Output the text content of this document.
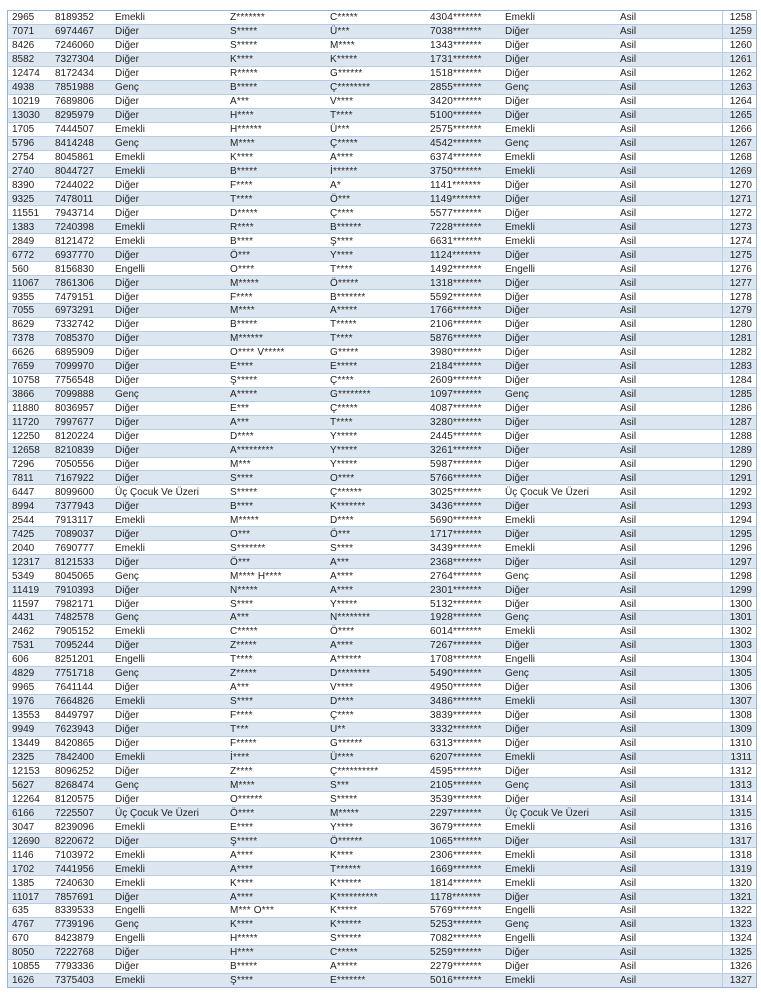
2965	8189352	Emekli	Z*******	C*****	4304*******	Emekli	Asil	1258
7071	6974467	Diğer	S*****	Ü***	7038*******	Diğer	Asil	1259
8426	7246060	Diğer	S*****	M****	1343*******	Diğer	Asil	1260
8582	7327304	Diğer	K****	K*****	1731*******	Diğer	Asil	1261
12474	8172434	Diğer	R*****	G******	1518*******	Diğer	Asil	1262
4938	7851988	Genç	B*****	Ç********	2855*******	Genç	Asil	1263
10219	7689806	Diğer	A***	V****	3420*******	Diğer	Asil	1264
13030	8295979	Diğer	H****	T****	5100*******	Diğer	Asil	1265
1705	7444507	Emekli	H******	Ü***	2575*******	Emekli	Asil	1266
5796	8414248	Genç	M****	Ç*****	4542*******	Genç	Asil	1267
2754	8045861	Emekli	K****	A****	6374*******	Emekli	Asil	1268
2740	8044727	Emekli	B*****	İ******	3750*******	Emekli	Asil	1269
8390	7244022	Diğer	F****	A*	1141*******	Diğer	Asil	1270
9325	7478011	Diğer	T****	Ö***	1149*******	Diğer	Asil	1271
11551	7943714	Diğer	D*****	Ç****	5577*******	Diğer	Asil	1272
1383	7240398	Emekli	R****	B******	7228*******	Emekli	Asil	1273
2849	8121472	Emekli	B****	Ş****	6631*******	Emekli	Asil	1274
6772	6937770	Diğer	Ö***	Y****	1124*******	Diğer	Asil	1275
560	8156830	Engelli	O****	T****	1492*******	Engelli	Asil	1276
11067	7861306	Diğer	M*****	Ö*****	1318*******	Diğer	Asil	1277
9355	7479151	Diğer	F****	B*******	5592*******	Diğer	Asil	1278
7055	6973291	Diğer	M****	A*****	1766*******	Diğer	Asil	1279
8629	7332742	Diğer	B*****	T*****	2106*******	Diğer	Asil	1280
7378	7085370	Diğer	M******	T****	5876*******	Diğer	Asil	1281
6626	6895909	Diğer	O**** V*****	G*****	3980*******	Diğer	Asil	1282
7659	7099970	Diğer	E****	E*****	2184*******	Diğer	Asil	1283
10758	7756548	Diğer	Ş*****	Ç****	2609*******	Diğer	Asil	1284
3866	7099888	Genç	A*****	G********	1097*******	Genç	Asil	1285
11880	8036957	Diğer	E***	Ç*****	4087*******	Diğer	Asil	1286
11720	7997677	Diğer	A***	T****	3280*******	Diğer	Asil	1287
12250	8120224	Diğer	D****	Y*****	2445*******	Diğer	Asil	1288
12658	8210839	Diğer	A*********	Y*****	3261*******	Diğer	Asil	1289
7296	7050556	Diğer	M***	Y*****	5987*******	Diğer	Asil	1290
7811	7167922	Diğer	S****	O****	5766*******	Diğer	Asil	1291
6447	8099600	Üç Çocuk Ve Üzeri	S*****	Ç******	3025*******	Üç Çocuk Ve Üzeri	Asil	1292
8994	7377943	Diğer	B****	K*******	3436*******	Diğer	Asil	1293
2544	7913117	Emekli	M*****	D****	5690*******	Emekli	Asil	1294
7425	7089037	Diğer	O***	Ö***	1717*******	Diğer	Asil	1295
2040	7690777	Emekli	S*******	S****	3439*******	Emekli	Asil	1296
12317	8121533	Diğer	Ö***	A***	2368*******	Diğer	Asil	1297
5349	8045065	Genç	M**** H****	A****	2764*******	Genç	Asil	1298
11419	7910393	Diğer	N*****	A****	2301*******	Diğer	Asil	1299
11597	7982171	Diğer	S****	Y*****	5132*******	Diğer	Asil	1300
4431	7482578	Genç	A***	N********	1928*******	Genç	Asil	1301
2462	7905152	Emekli	C*****	Ö****	6014*******	Emekli	Asil	1302
7531	7095244	Diğer	Z*****	A****	7267*******	Diğer	Asil	1303
606	8251201	Engelli	T****	A******	1708*******	Engelli	Asil	1304
4829	7751718	Genç	Z*****	D********	5490*******	Genç	Asil	1305
9965	7641144	Diğer	A***	V****	4950*******	Diğer	Asil	1306
1976	7664826	Emekli	S****	D****	3486*******	Emekli	Asil	1307
13553	8449797	Diğer	F****	Ç****	3839*******	Diğer	Asil	1308
9949	7623943	Diğer	T***	U**	3332*******	Diğer	Asil	1309
13449	8420865	Diğer	F*****	G******	6313*******	Diğer	Asil	1310
2325	7842400	Emekli	İ****	Ü****	6207*******	Emekli	Asil	1311
12153	8096252	Diğer	Z****	Ç**********	4595*******	Diğer	Asil	1312
5627	8268474	Genç	M****	S***	2105*******	Genç	Asil	1313
12264	8120575	Diğer	O******	S*****	3539*******	Diğer	Asil	1314
6166	7225507	Üç Çocuk Ve Üzeri	Ö****	M*****	2297*******	Üç Çocuk Ve Üzeri	Asil	1315
3047	8239096	Emekli	E****	Y****	3679*******	Emekli	Asil	1316
12690	8220672	Diğer	Ş*****	Ö******	1065*******	Diğer	Asil	1317
1146	7103972	Emekli	A****	K****	2306*******	Emekli	Asil	1318
1702	7441956	Emekli	A****	T******	1669*******	Emekli	Asil	1319
1385	7240630	Emekli	K****	K******	1814*******	Emekli	Asil	1320
11017	7857691	Diğer	A****	K**********	1178*******	Diğer	Asil	1321
635	8339533	Engelli	M*** O***	K*****	5769*******	Engelli	Asil	1322
4767	7739196	Genç	K****	K******	5253*******	Genç	Asil	1323
670	8423879	Engelli	H*****	S******	7082*******	Engelli	Asil	1324
8050	7222768	Diğer	H****	C*****	5259*******	Diğer	Asil	1325
10855	7793336	Diğer	B*****	A*****	2279*******	Diğer	Asil	1326
1626	7375403	Emekli	Ş****	E*******	5016*******	Emekli	Asil	1327
